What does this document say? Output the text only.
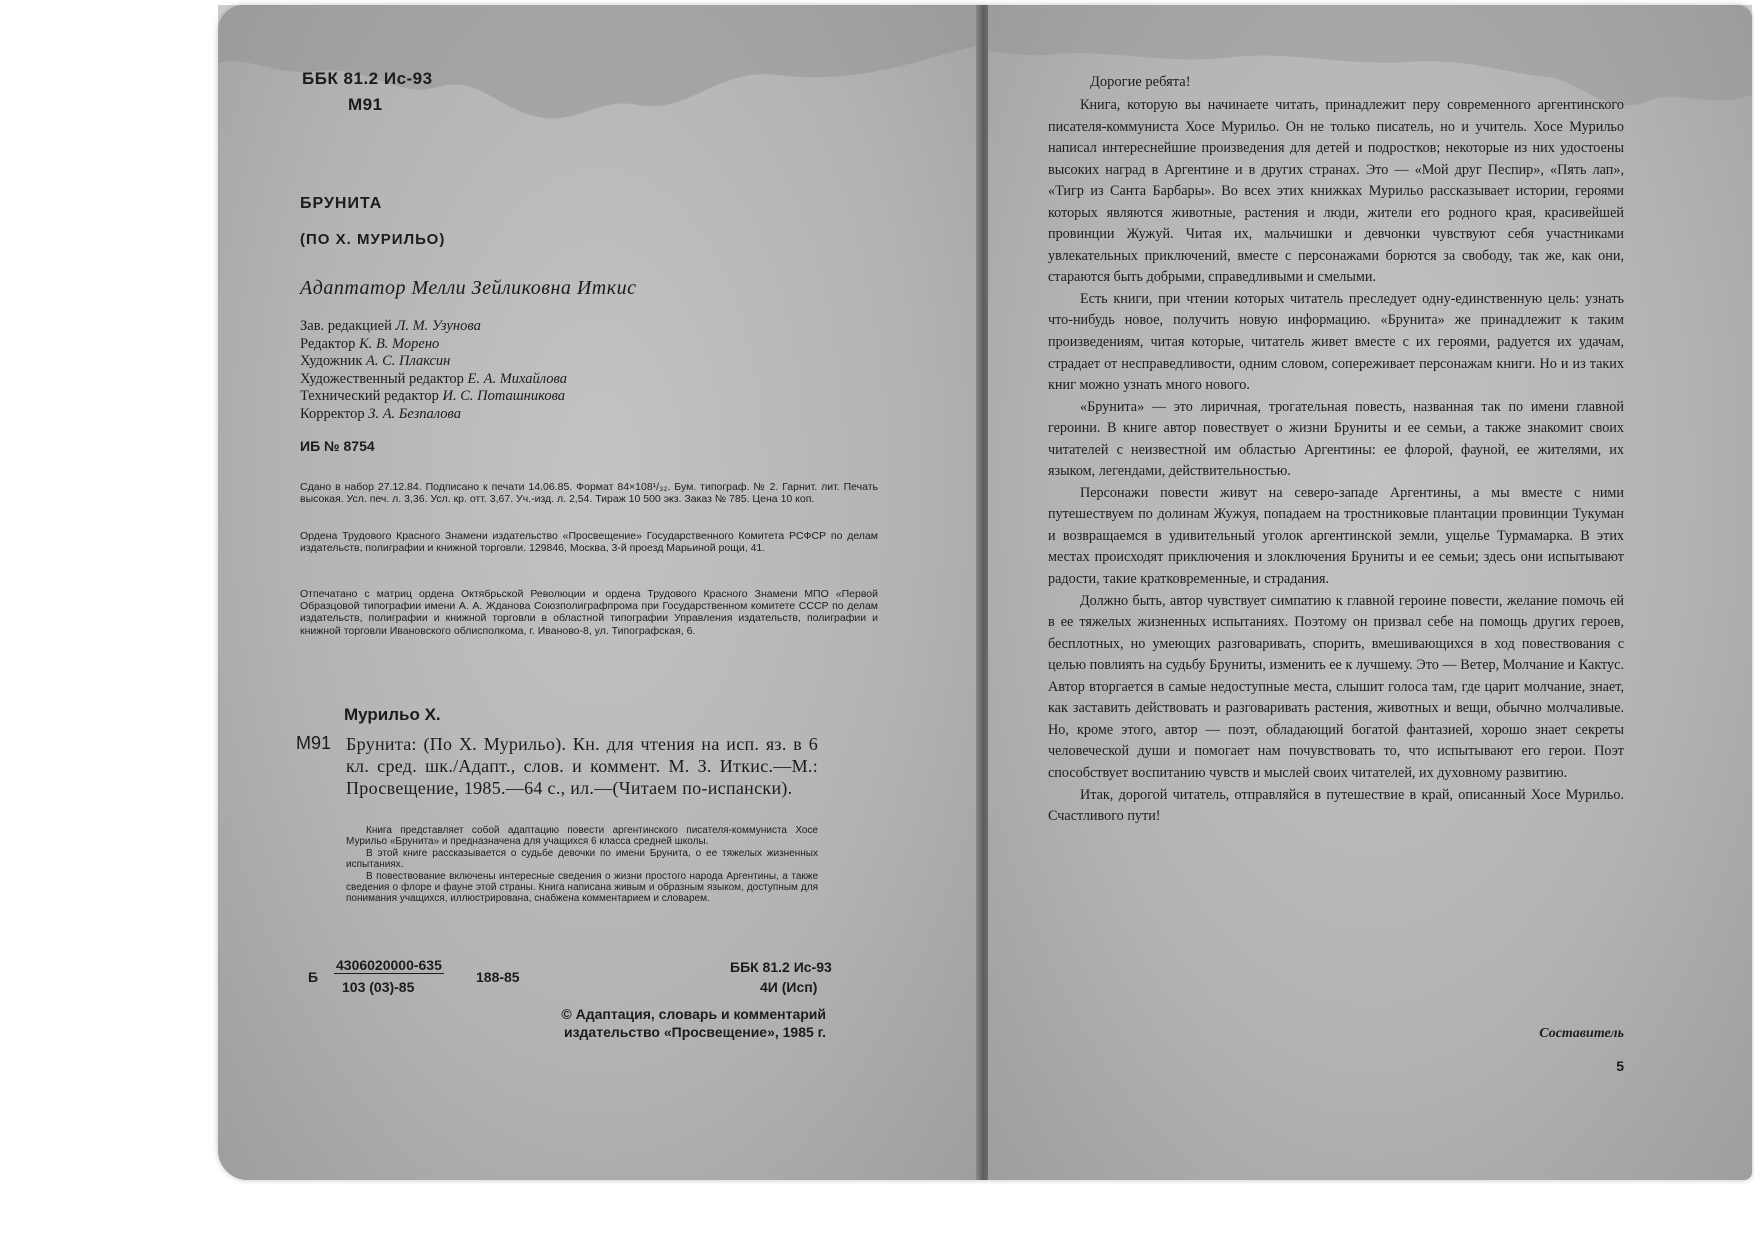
ББК 81.2 Ис-93
М91
БРУНИТА
(ПО Х. МУРИЛЬО)
Адаптатор Мелли Зейликовна Иткис
Зав. редакцией Л. М. Узунова
Редактор К. В. Морено
Художник А. С. Плаксин
Художественный редактор Е. А. Михайлова
Технический редактор И. С. Поташникова
Корректор З. А. Безпалова
ИБ № 8754
Сдано в набор 27.12.84. Подписано к печати 14.06.85. Формат 84×108¹/₃₂. Бум. типограф. № 2. Гарнит. лит. Печать высокая. Усл. печ. л. 3,36. Усл. кр. отт. 3,67. Уч.-изд. л. 2,54. Тираж 10 500 экз. Заказ № 785. Цена 10 коп.
Ордена Трудового Красного Знамени издательство «Просвещение» Государственного Комитета РСФСР по делам издательств, полиграфии и книжной торговли. 129846, Москва, 3-й проезд Марьиной рощи, 41.
Отпечатано с матриц ордена Октябрьской Революции и ордена Трудового Красного Знамени МПО «Первой Образцовой типографии имени А. А. Жданова Союзполиграфпрома при Государственном комитете СССР по делам издательств, полиграфии и книжной торговли в областной типографии Управления издательств, полиграфии и книжной торговли Ивановского облисполкома, г. Иваново-8, ул. Типографская, 6.
Мурильо Х.
М91 Брунита: (По Х. Мурильо). Кн. для чтения на исп. яз. в 6 кл. сред. шк./Адапт., слов. и коммент. М. З. Иткис.—М.: Просвещение, 1985.—64 с., ил.—(Читаем по-испански).
Книга представляет собой адаптацию повести аргентинского писателя-коммуниста Хосе Мурильо «Брунита» и предназначена для учащихся 6 класса средней школы.
В этой книге рассказывается о судьбе девочки по имени Брунита, о ее тяжелых жизненных испытаниях.
В повествование включены интересные сведения о жизни простого народа Аргентины, а также сведения о флоре и фауне этой страны. Книга написана живым и образным языком, доступным для понимания учащихся, иллюстрирована, снабжена комментарием и словарем.
Б
4306020000-635
103 (03)-85
188-85
ББК 81.2 Ис-93
4И (Исп)
© Адаптация, словарь и комментарий
издательство «Просвещение», 1985 г.
Дорогие ребята!

Книга, которую вы начинаете читать, принадлежит перу современного аргентинского писателя-коммуниста Хосе Мурильо. Он не только писатель, но и учитель. Хосе Мурильо написал интереснейшие произведения для детей и подростков; некоторые из них удостоены высоких наград в Аргентине и в других странах. Это — «Мой друг Песпир», «Пять лап», «Тигр из Санта Барбары». Во всех этих книжках Мурильо рассказывает истории, героями которых являются животные, растения и люди, жители его родного края, красивейшей провинции Жужуй. Читая их, мальчишки и девчонки чувствуют себя участниками увлекательных приключений, вместе с персонажами борются за свободу, так же, как они, стараются быть добрыми, справедливыми и смелыми.

Есть книги, при чтении которых читатель преследует одну-единственную цель: узнать что-нибудь новое, получить новую информацию. «Брунита» же принадлежит к таким произведениям, читая которые, читатель живет вместе с их героями, радуется их удачам, страдает от несправедливости, одним словом, сопереживает персонажам книги. Но и из таких книг можно узнать много нового.

«Брунита» — это лиричная, трогательная повесть, названная так по имени главной героини. В книге автор повествует о жизни Бруниты и ее семьи, а также знакомит своих читателей с неизвестной им областью Аргентины: ее флорой, фауной, ее жителями, их языком, легендами, действительностью.

Персонажи повести живут на северо-западе Аргентины, а мы вместе с ними путешествуем по долинам Жужуя, попадаем на тростниковые плантации провинции Тукуман и возвращаемся в удивительный уголок аргентинской земли, ущелье Турмамарка. В этих местах происходят приключения и злоключения Бруниты и ее семьи; здесь они испытывают радости, такие кратковременные, и страдания.

Должно быть, автор чувствует симпатию к главной героине повести, желание помочь ей в ее тяжелых жизненных испытаниях. Поэтому он призвал себе на помощь других героев, бесплотных, но умеющих разговаривать, спорить, вмешивающихся в ход повествования с целью повлиять на судьбу Бруниты, изменить ее к лучшему. Это — Ветер, Молчание и Кактус. Автор вторгается в самые недоступные места, слышит голоса там, где царит молчание, знает, как заставить действовать и разговаривать растения, животных и вещи, обычно молчаливые. Но, кроме этого, автор — поэт, обладающий богатой фантазией, хорошо знает секреты человеческой души и помогает нам почувствовать то, что испытывают его герои. Поэт способствует воспитанию чувств и мыслей своих читателей, их духовному развитию.

Итак, дорогой читатель, отправляйся в путешествие в край, описанный Хосе Мурильо. Счастливого пути!

Составитель
5
